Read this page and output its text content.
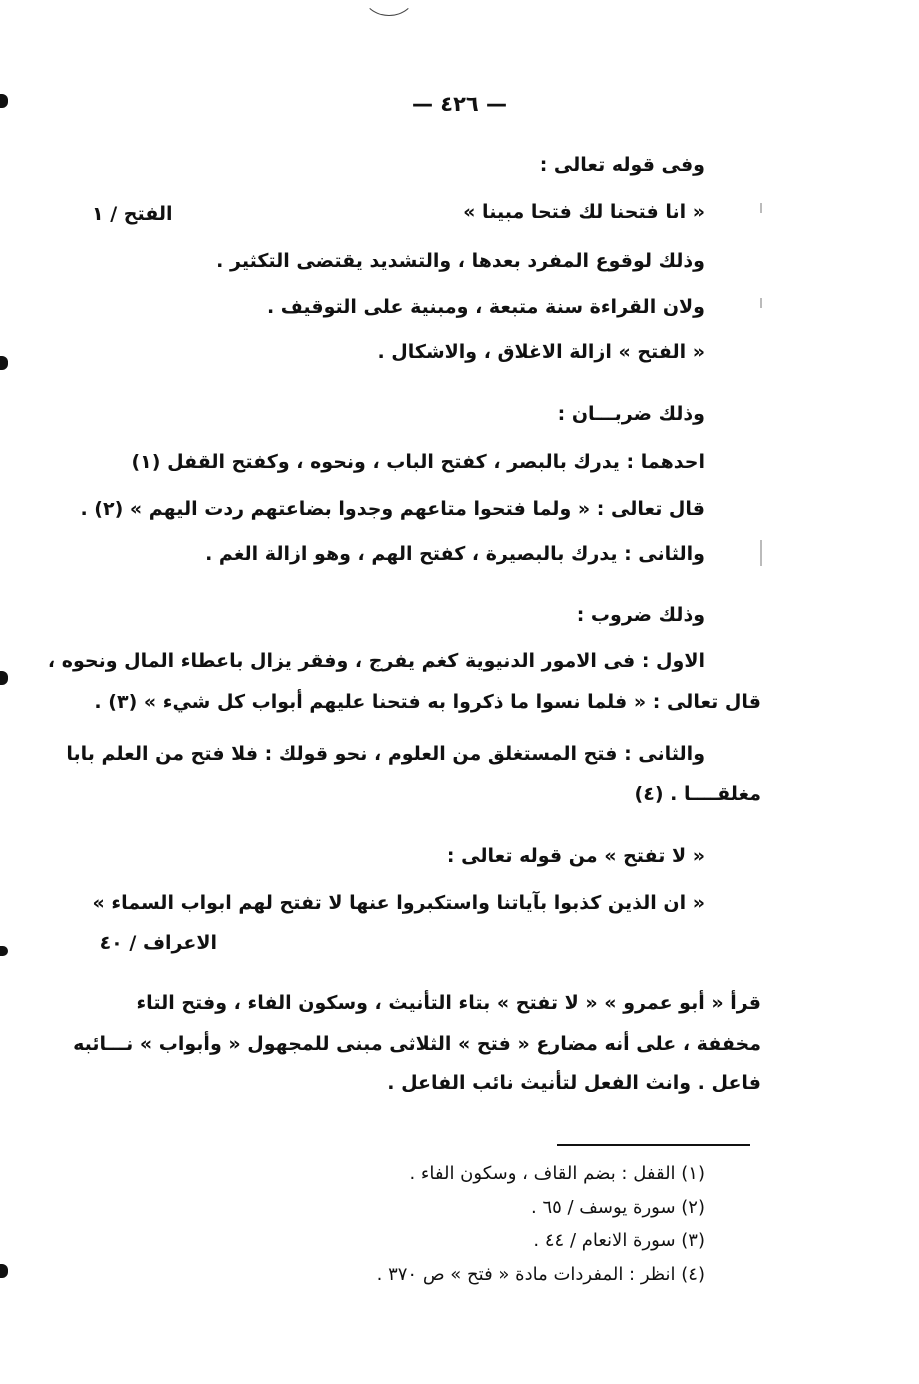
— ٤٢٦ —
وفى قوله تعالى :
« انا فتحنا لك فتحا مبينا »
الفتح / ١
وذلك لوقوع المفرد بعدها ، والتشديد يقتضى التكثير .
ولان القراءة سنة متبعة ، ومبنية على التوقيف .
« الفتح » ازالة الاغلاق ، والاشكال .
وذلك ضربـــان :
احدهما : يدرك بالبصر ، كفتح الباب ، ونحوه ، وكفتح القفل (١)
قال تعالى : « ولما فتحوا متاعهم وجدوا بضاعتهم ردت اليهم » (٢) .
والثانى : يدرك بالبصيرة ، كفتح الهم ، وهو ازالة الغم .
وذلك ضروب :
الاول : فى الامور الدنيوية كغم يفرج ، وفقر يزال باعطاء المال ونحوه ،
قال تعالى : « فلما نسوا ما ذكروا به فتحنا عليهم أبواب كل شيء » (٣) .
والثانى : فتح المستغلق من العلوم ، نحو قولك : فلا فتح من العلم بابا
مغلقــــا . (٤)
« لا تفتح » من قوله تعالى :
« ان الذين كذبوا بآياتنا واستكبروا عنها لا تفتح لهم ابواب السماء »
الاعراف / ٤٠
قرأ « أبو عمرو » « لا تفتح » بتاء التأنيث ، وسكون الفاء ، وفتح التاء
مخففة ، على أنه مضارع « فتح » الثلاثى مبنى للمجهول « وأبواب » نـــائبه
فاعل . وانث الفعل لتأنيث نائب الفاعل .
(١) القفل : بضم القاف ، وسكون الفاء .
(٢) سورة يوسف / ٦٥ .
(٣) سورة الانعام / ٤٤ .
(٤) انظر : المفردات مادة « فتح » ص ٣٧٠ .
